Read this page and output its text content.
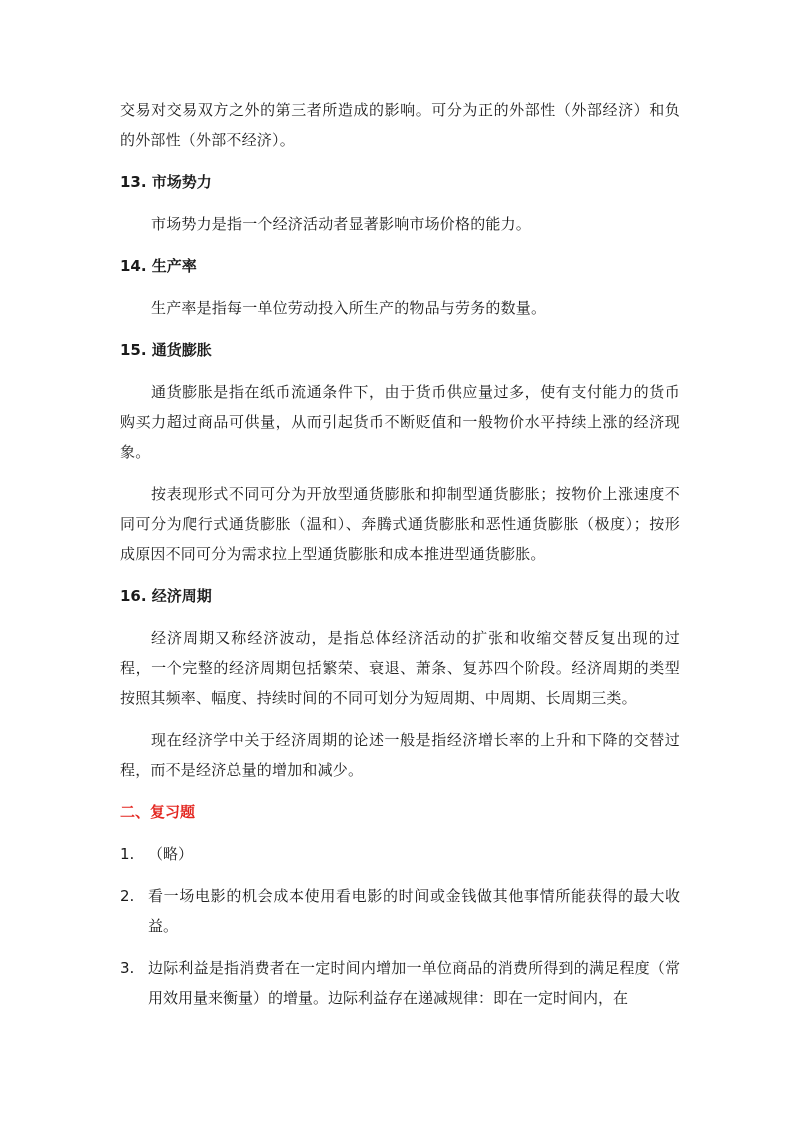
交易对交易双方之外的第三者所造成的影响。可分为正的外部性（外部经济）和负的外部性（外部不经济）。

13. 市场势力

市场势力是指一个经济活动者显著影响市场价格的能力。

14. 生产率

生产率是指每一单位劳动投入所生产的物品与劳务的数量。

15. 通货膨胀

通货膨胀是指在纸币流通条件下，由于货币供应量过多，使有支付能力的货币购买力超过商品可供量，从而引起货币不断贬值和一般物价水平持续上涨的经济现象。

按表现形式不同可分为开放型通货膨胀和抑制型通货膨胀；按物价上涨速度不同可分为爬行式通货膨胀（温和）、奔腾式通货膨胀和恶性通货膨胀（极度）；按形成原因不同可分为需求拉上型通货膨胀和成本推进型通货膨胀。

16. 经济周期

经济周期又称经济波动，是指总体经济活动的扩张和收缩交替反复出现的过程，一个完整的经济周期包括繁荣、衰退、萧条、复苏四个阶段。经济周期的类型按照其频率、幅度、持续时间的不同可划分为短周期、中周期、长周期三类。

现在经济学中关于经济周期的论述一般是指经济增长率的上升和下降的交替过程，而不是经济总量的增加和减少。

二、复习题
1. （略）
2. 看一场电影的机会成本使用看电影的时间或金钱做其他事情所能获得的最大收益。
3. 边际利益是指消费者在一定时间内增加一单位商品的消费所得到的满足程度（常用效用量来衡量）的增量。边际利益存在递减规律：即在一定时间内，在
